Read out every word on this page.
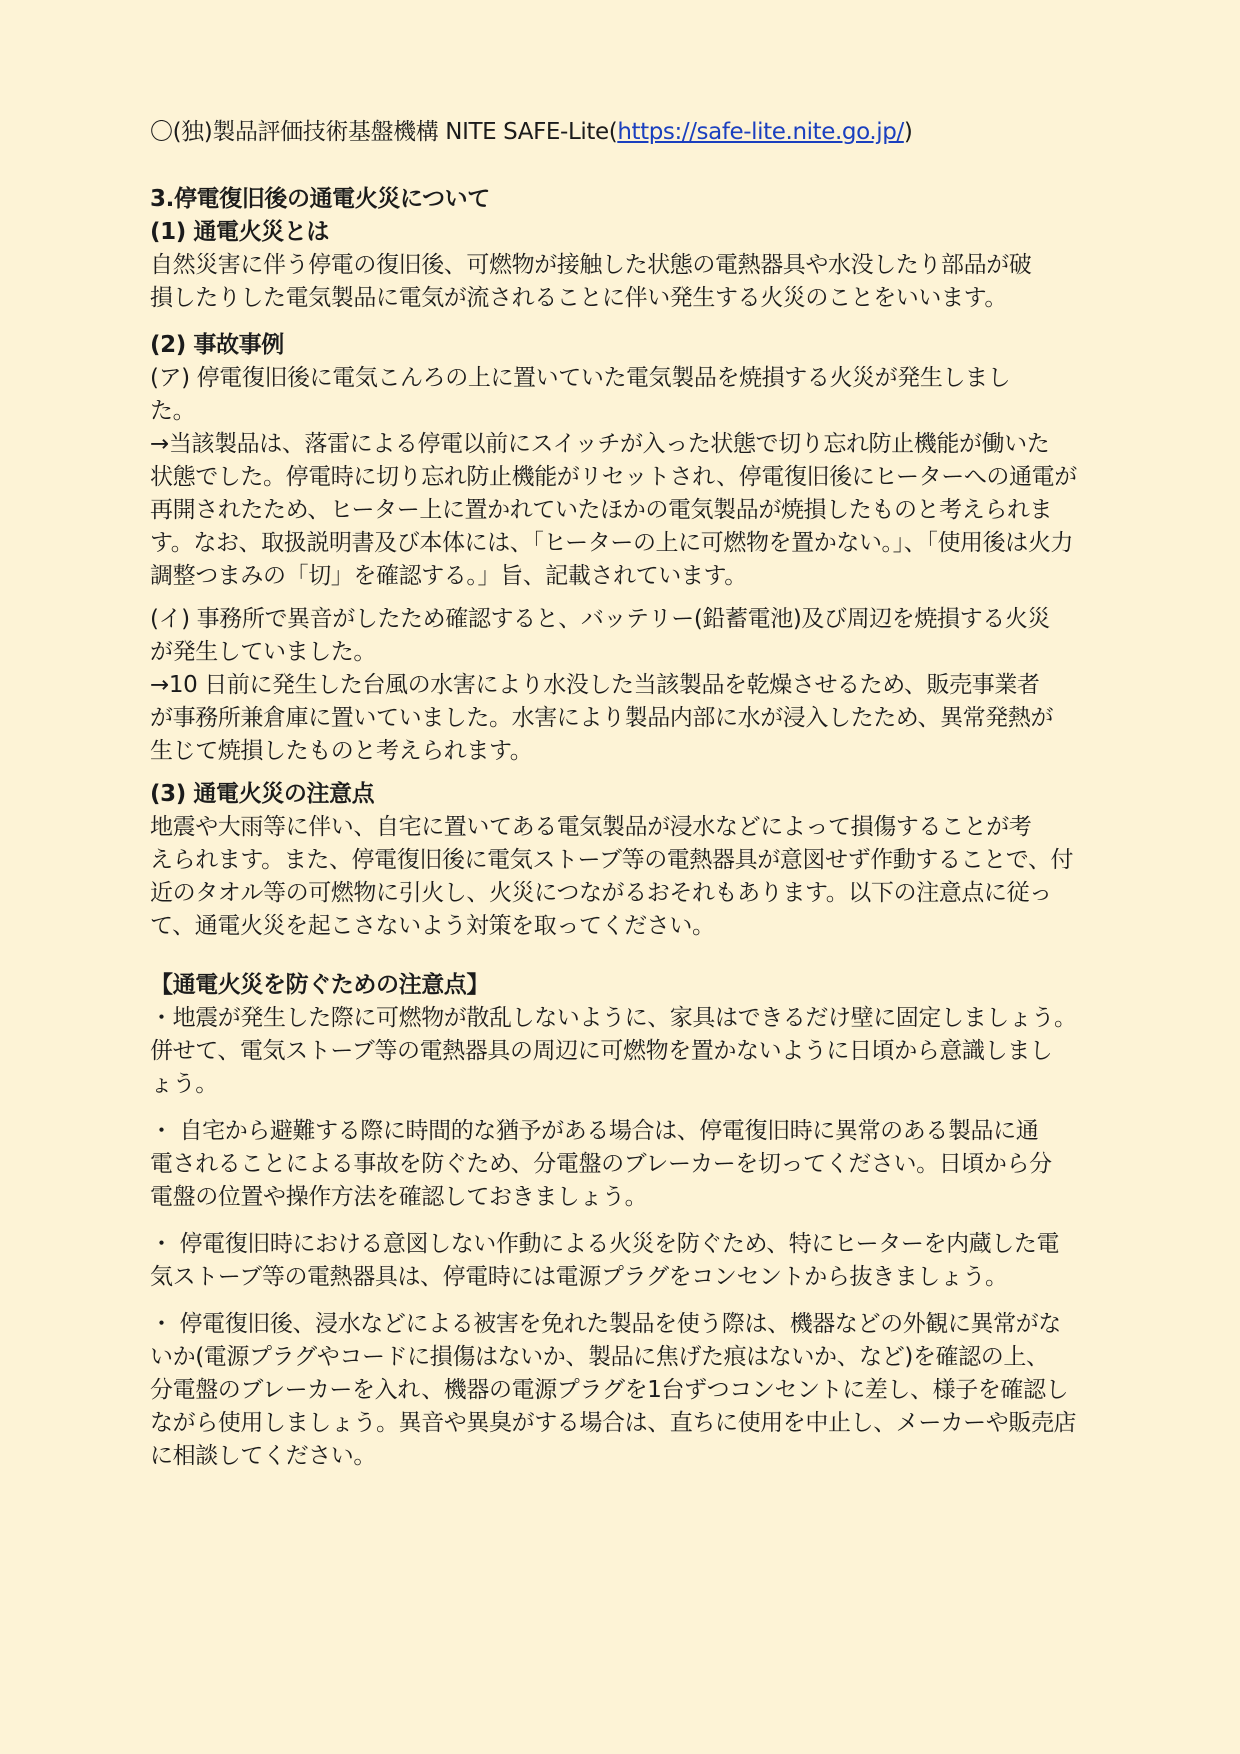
〇(独)製品評価技術基盤機構 NITE SAFE-Lite(https://safe-lite.nite.go.jp/)
3.停電復旧後の通電火災について
(1) 通電火災とは
自然災害に伴う停電の復旧後、可燃物が接触した状態の電熱器具や水没したり部品が破
損したりした電気製品に電気が流されることに伴い発生する火災のことをいいます。
(2) 事故事例
(ア) 停電復旧後に電気こんろの上に置いていた電気製品を焼損する火災が発生しまし
た。
→当該製品は、落雷による停電以前にスイッチが入った状態で切り忘れ防止機能が働いた
状態でした。停電時に切り忘れ防止機能がリセットされ、停電復旧後にヒーターへの通電が
再開されたため、ヒーター上に置かれていたほかの電気製品が焼損したものと考えられま
す。なお、取扱説明書及び本体には、「ヒーターの上に可燃物を置かない。」、「使用後は火力
調整つまみの「切」を確認する。」旨、記載されています。
(イ) 事務所で異音がしたため確認すると、バッテリー(鉛蓄電池)及び周辺を焼損する火災
が発生していました。
→10 日前に発生した台風の水害により水没した当該製品を乾燥させるため、販売事業者
が事務所兼倉庫に置いていました。水害により製品内部に水が浸入したため、異常発熱が
生じて焼損したものと考えられます。
(3) 通電火災の注意点
地震や大雨等に伴い、自宅に置いてある電気製品が浸水などによって損傷することが考
えられます。また、停電復旧後に電気ストーブ等の電熱器具が意図せず作動することで、付
近のタオル等の可燃物に引火し、火災につながるおそれもあります。以下の注意点に従っ
て、通電火災を起こさないよう対策を取ってください。
【通電火災を防ぐための注意点】
・地震が発生した際に可燃物が散乱しないように、家具はできるだけ壁に固定しましょう。
併せて、電気ストーブ等の電熱器具の周辺に可燃物を置かないように日頃から意識しまし
ょう。
・ 自宅から避難する際に時間的な猶予がある場合は、停電復旧時に異常のある製品に通
電されることによる事故を防ぐため、分電盤のブレーカーを切ってください。日頃から分
電盤の位置や操作方法を確認しておきましょう。
・ 停電復旧時における意図しない作動による火災を防ぐため、特にヒーターを内蔵した電
気ストーブ等の電熱器具は、停電時には電源プラグをコンセントから抜きましょう。
・ 停電復旧後、浸水などによる被害を免れた製品を使う際は、機器などの外観に異常がな
いか(電源プラグやコードに損傷はないか、製品に焦げた痕はないか、など)を確認の上、
分電盤のブレーカーを入れ、機器の電源プラグを1台ずつコンセントに差し、様子を確認し
ながら使用しましょう。異音や異臭がする場合は、直ちに使用を中止し、メーカーや販売店
に相談してください。
